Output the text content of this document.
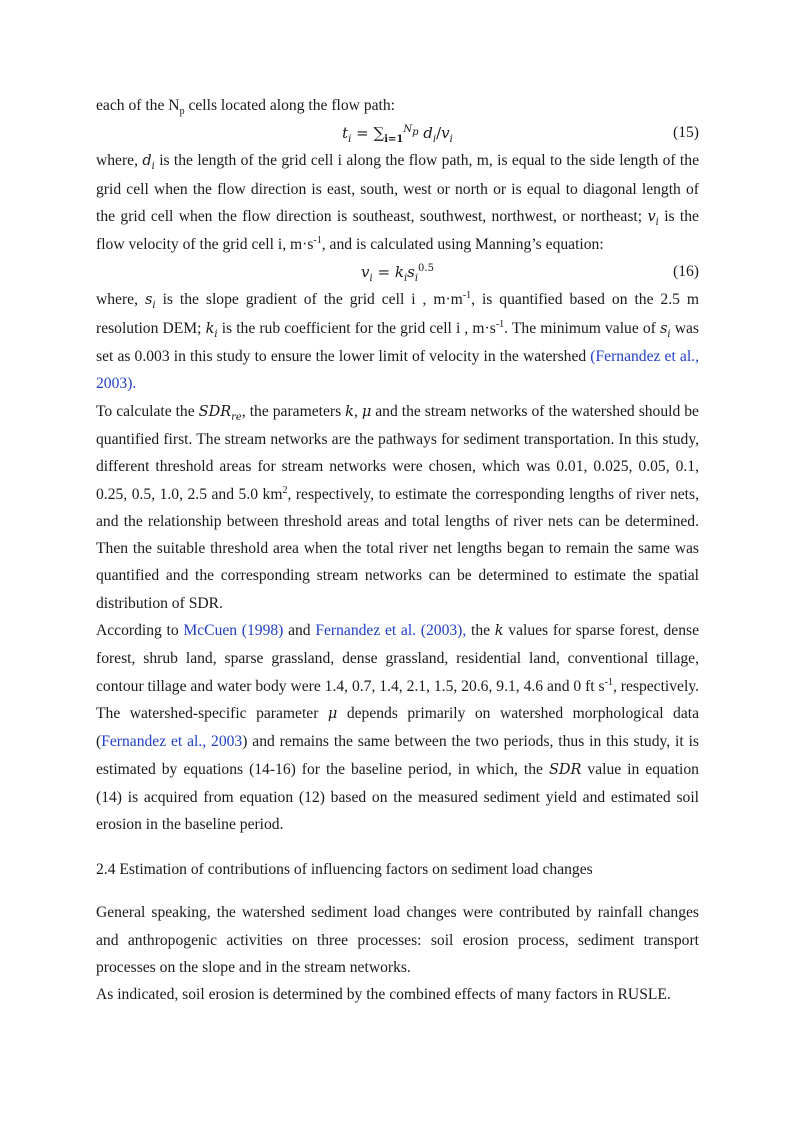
each of the $N_p$ cells located along the flow path:

$t_i = \sum_{i=1}^{N_p}$ $d_i/v_i$	(15)

where, $d_i$ is the length of the grid cell i along the flow path, m, is equal to the side length of the grid cell when the flow direction is east, south, west or north or is equal to diagonal length of the grid cell when the flow direction is southeast, southwest, northwest, or northeast; $v_i$ is the flow velocity of the grid cell i, $m\cdot s^{-1}$, and is calculated using Manning’s equation:

$v_i = k_is_i^{0.5}$	(16)

where, $s_i$ is the slope gradient of the grid cell i , $m\cdot m^{-1}$, is quantified based on the 2.5 m resolution DEM; $k_i$ is the rub coefficient for the grid cell i , $m\cdot s^{-1}$. The minimum value of $s_i$ was set as 0.003 in this study to ensure the lower limit of velocity in the watershed (Fernandez et al., 2003).

To calculate the $SDR_{re}$, the parameters k, μ and the stream networks of the watershed should be quantified first. The stream networks are the pathways for sediment transportation. In this study, different threshold areas for stream networks were chosen, which was 0.01, 0.025, 0.05, 0.1, 0.25, 0.5, 1.0, 2.5 and 5.0 $km^2$, respectively, to estimate the corresponding lengths of river nets, and the relationship between threshold areas and total lengths of river nets can be determined. Then the suitable threshold area when the total river net lengths began to remain the same was quantified and the corresponding stream networks can be determined to estimate the spatial distribution of SDR.

According to McCuen (1998) and Fernandez et al. (2003), the k values for sparse forest, dense forest, shrub land, sparse grassland, dense grassland, residential land, conventional tillage, contour tillage and water body were 1.4, 0.7, 1.4, 2.1, 1.5, 20.6, 9.1, 4.6 and 0 ft $s^{-1}$, respectively. The watershed-specific parameter μ depends primarily on watershed morphological data (Fernandez et al., 2003) and remains the same between the two periods, thus in this study, it is estimated by equations (14-16) for the baseline period, in which, the SDR value in equation (14) is acquired from equation (12) based on the measured sediment yield and estimated soil erosion in the baseline period.

2.4 Estimation of contributions of influencing factors on sediment load changes

General speaking, the watershed sediment load changes were contributed by rainfall changes and anthropogenic activities on three processes: soil erosion process, sediment transport processes on the slope and in the stream networks.

As indicated, soil erosion is determined by the combined effects of many factors in RUSLE.
